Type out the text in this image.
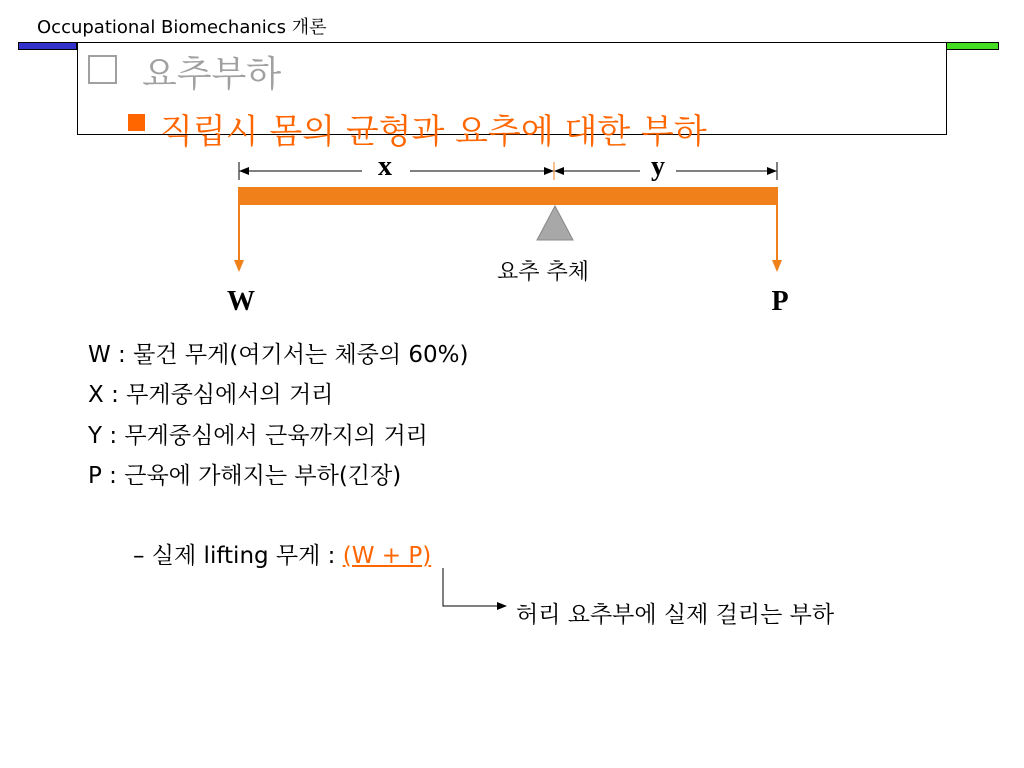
Occupational Biomechanics 개론
요추부하
직립시 몸의 균형과 요추에 대한 부하
x	y
W	P
요추 추체
W : 물건 무게(여기서는 체중의 60%)
X : 무게중심에서의 거리
Y : 무게중심에서 근육까지의 거리
P : 근육에 가해지는 부하(긴장)
– 실제 lifting 무게 : (W + P)
허리 요추부에 실제 걸리는 부하
